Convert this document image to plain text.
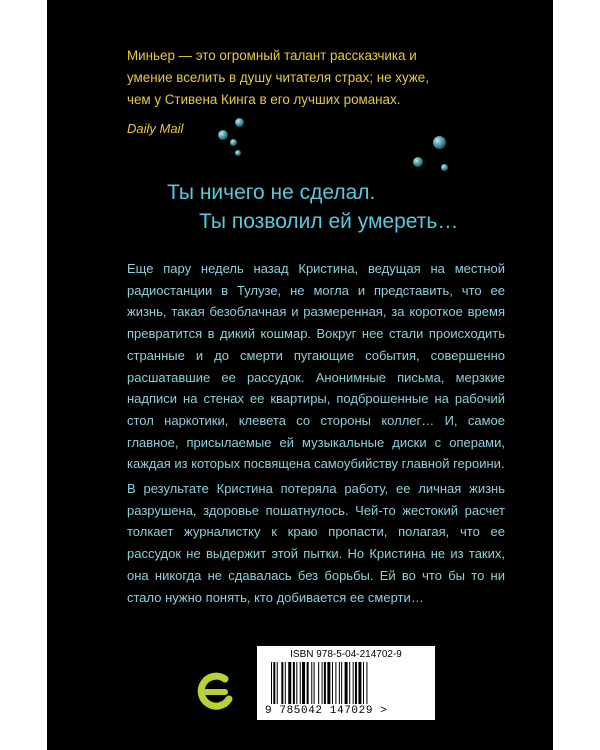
Миньер — это огромный талант рассказчика и умение вселить в душу читателя страх; не хуже, чем у Стивена Кинга в его лучших романах.

Daily Mail

Ты ничего не сделал.
Ты позволил ей умереть…

Еще пару недель назад Кристина, ведущая на местной радиостанции в Тулузе, не могла и представить, что ее жизнь, такая безоблачная и размеренная, за короткое время превратится в дикий кошмар. Вокруг нее стали происходить странные и до смерти пугающие события, совершенно расшатавшие ее рассудок. Анонимные письма, мерзкие надписи на стенах ее квартиры, подброшенные на рабочий стол наркотики, клевета со стороны коллег… И, самое главное, присылаемые ей музыкальные диски с операми, каждая из которых посвящена самоубийству главной героини.

В результате Кристина потеряла работу, ее личная жизнь разрушена, здоровье пошатнулось. Чей-то жестокий расчет толкает журналистку к краю пропасти, полагая, что ее рассудок не выдержит этой пытки. Но Кристина не из таких, она никогда не сдавалась без борьбы. Ей во что бы то ни стало нужно понять, кто добивается ее смерти…

ISBN 978-5-04-214702-9

9 785042 147029 >
